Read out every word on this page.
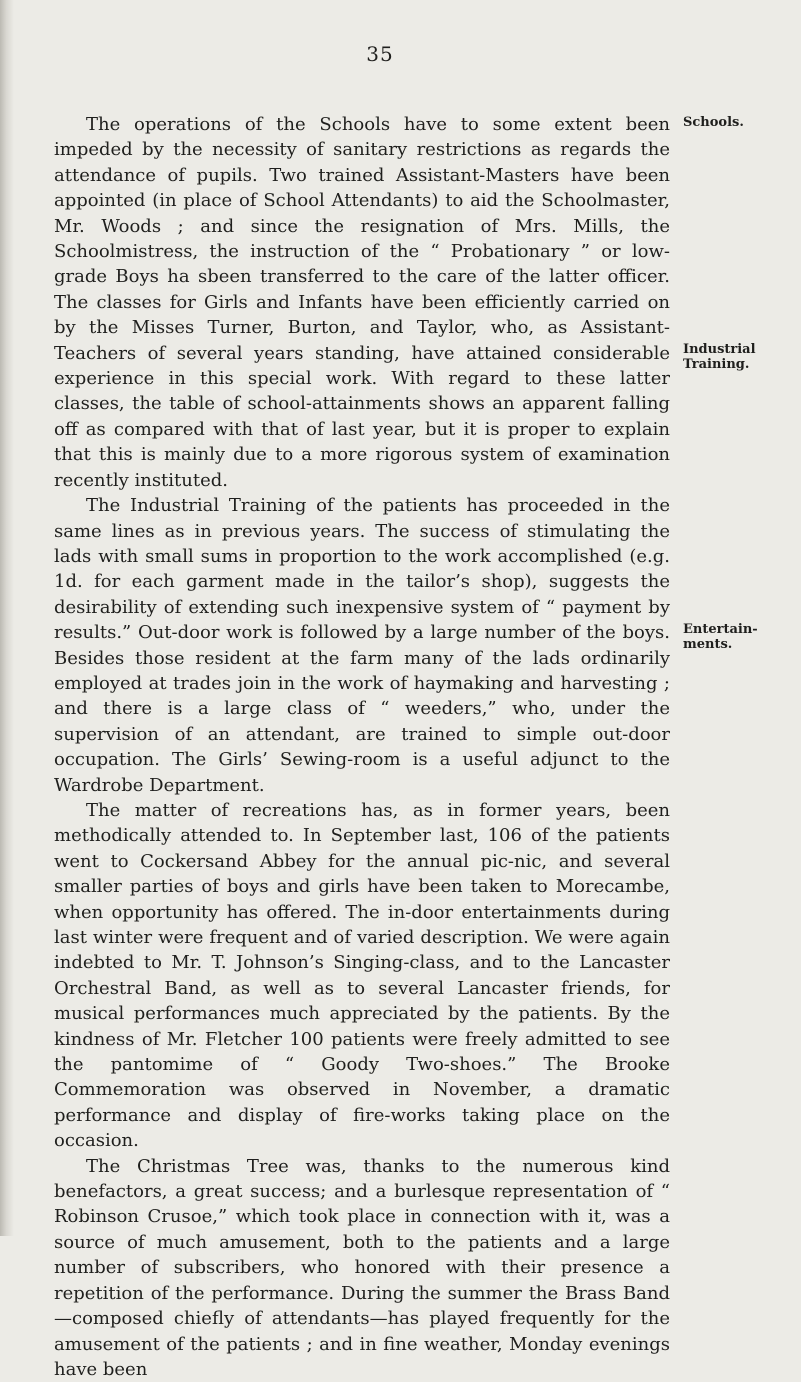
35
Schools.
Industrial Training.
Entertain-ments.

The operations of the Schools have to some extent been impeded by the necessity of sanitary restrictions as regards the attendance of pupils. Two trained Assistant-Masters have been appointed (in place of School Attendants) to aid the Schoolmaster, Mr. Woods ; and since the resignation of Mrs. Mills, the Schoolmistress, the instruction of the “ Probationary ” or low-grade Boys ha sbeen transferred to the care of the latter officer. The classes for Girls and Infants have been efficiently carried on by the Misses Turner, Burton, and Taylor, who, as Assistant-Teachers of several years standing, have attained considerable experience in this special work. With regard to these latter classes, the table of school-attainments shows an apparent falling off as compared with that of last year, but it is proper to explain that this is mainly due to a more rigorous system of examination recently instituted.

The Industrial Training of the patients has proceeded in the same lines as in previous years. The success of stimulating the lads with small sums in proportion to the work accomplished (e.g. 1d. for each garment made in the tailor’s shop), suggests the desirability of extending such inexpensive system of “ payment by results.” Out-door work is followed by a large number of the boys. Besides those resident at the farm many of the lads ordinarily employed at trades join in the work of haymaking and harvesting ; and there is a large class of “ weeders,” who, under the supervision of an attendant, are trained to simple out-door occupation. The Girls’ Sewing-room is a useful adjunct to the Wardrobe Department.

The matter of recreations has, as in former years, been methodically attended to. In September last, 106 of the patients went to Cockersand Abbey for the annual pic-nic, and several smaller parties of boys and girls have been taken to Morecambe, when opportunity has offered. The in-door entertainments during last winter were frequent and of varied description. We were again indebted to Mr. T. Johnson’s Singing-class, and to the Lancaster Orchestral Band, as well as to several Lancaster friends, for musical performances much appreciated by the patients. By the kindness of Mr. Fletcher 100 patients were freely admitted to see the pantomime of “ Goody Two-shoes.” The Brooke Commemoration was observed in November, a dramatic performance and display of fire-works taking place on the occasion.

The Christmas Tree was, thanks to the numerous kind benefactors, a great success; and a burlesque representation of “ Robinson Crusoe,” which took place in connection with it, was a source of much amusement, both to the patients and a large number of subscribers, who honored with their presence a repetition of the performance. During the summer the Brass Band—composed chiefly of attendants—has played frequently for the amusement of the patients ; and in fine weather, Monday evenings have been
